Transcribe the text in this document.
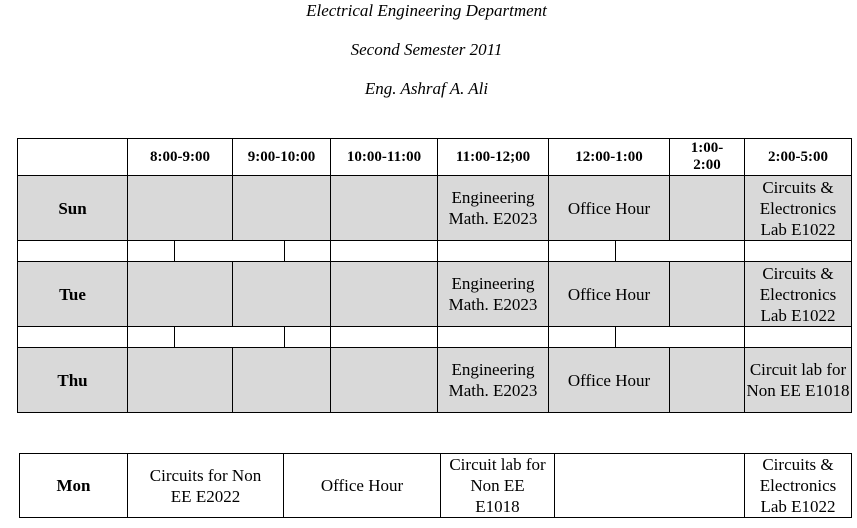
Electrical Engineering Department
Second Semester 2011
Eng. Ashraf A. Ali
	8:00-9:00		9:00-10:00		10:00-11:00	11:00-12;00	12:00-1:00		1:00- 2:00	2:00-5:00
Sun						Engineering Math. E2023	Office Hour			Circuits & Electronics Lab E1022

Tue						Engineering Math. E2023	Office Hour			Circuits & Electronics Lab E1022

Thu						Engineering Math. E2023	Office Hour			Circuit lab for Non EE E1018
Mon	Circuits for Non EE E2022	Office Hour	Circuit lab for Non EE E1018		Circuits & Electronics Lab E1022
